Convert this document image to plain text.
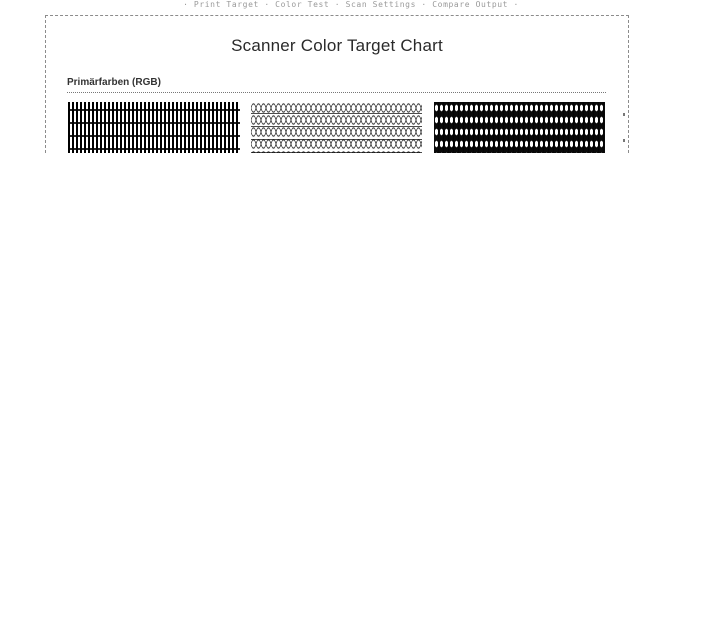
· Print Target · Color Test · Scan Settings · Compare Output ·
Scanner Color Target Chart
Primärfarben (RGB)
